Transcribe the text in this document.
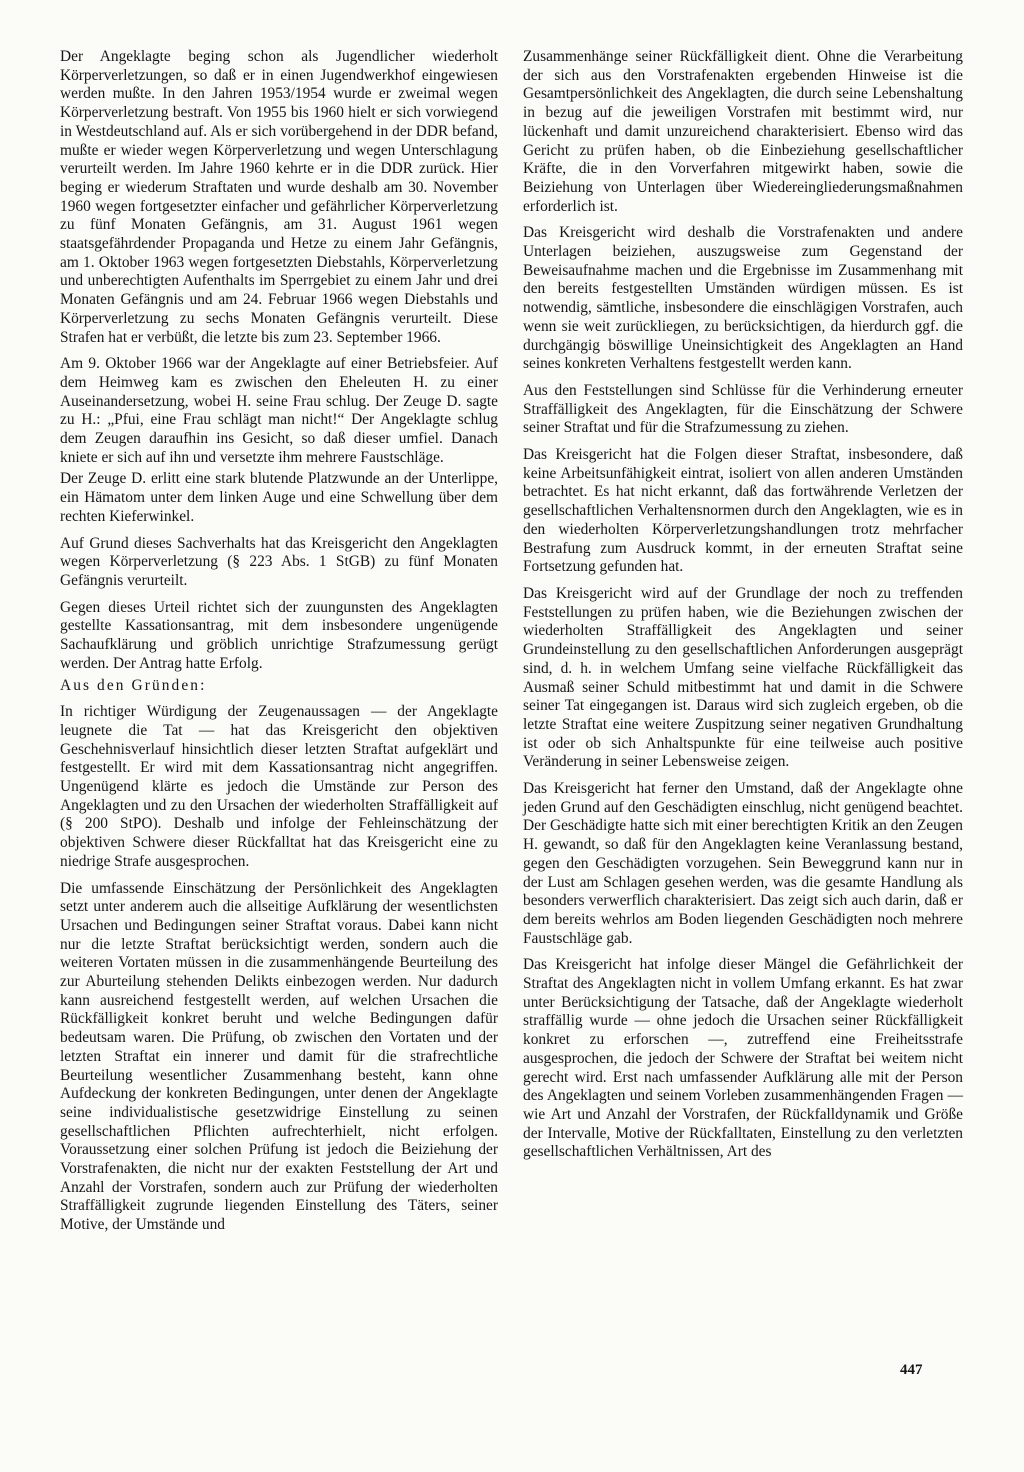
Der Angeklagte beging schon als Jugendlicher wiederholt Körperverletzungen, so daß er in einen Jugendwerkhof eingewiesen werden mußte. In den Jahren 1953/1954 wurde er zweimal wegen Körperverletzung bestraft. Von 1955 bis 1960 hielt er sich vorwiegend in Westdeutschland auf. Als er sich vorübergehend in der DDR befand, mußte er wieder wegen Körperverletzung und wegen Unterschlagung verurteilt werden. Im Jahre 1960 kehrte er in die DDR zurück. Hier beging er wiederum Straftaten und wurde deshalb am 30. November 1960 wegen fortgesetzter einfacher und gefährlicher Körperverletzung zu fünf Monaten Gefängnis, am 31. August 1961 wegen staatsgefährdender Propaganda und Hetze zu einem Jahr Gefängnis, am 1. Oktober 1963 wegen fortgesetzten Diebstahls, Körperverletzung und unberechtigten Aufenthalts im Sperrgebiet zu einem Jahr und drei Monaten Gefängnis und am 24. Februar 1966 wegen Diebstahls und Körperverletzung zu sechs Monaten Gefängnis verurteilt. Diese Strafen hat er verbüßt, die letzte bis zum 23. September 1966.

Am 9. Oktober 1966 war der Angeklagte auf einer Betriebsfeier. Auf dem Heimweg kam es zwischen den Eheleuten H. zu einer Auseinandersetzung, wobei H. seine Frau schlug. Der Zeuge D. sagte zu H.: „Pfui, eine Frau schlägt man nicht!“ Der Angeklagte schlug dem Zeugen daraufhin ins Gesicht, so daß dieser umfiel. Danach kniete er sich auf ihn und versetzte ihm mehrere Faustschläge.

Der Zeuge D. erlitt eine stark blutende Platzwunde an der Unterlippe, ein Hämatom unter dem linken Auge und eine Schwellung über dem rechten Kieferwinkel.

Auf Grund dieses Sachverhalts hat das Kreisgericht den Angeklagten wegen Körperverletzung (§ 223 Abs. 1 StGB) zu fünf Monaten Gefängnis verurteilt.

Gegen dieses Urteil richtet sich der zuungunsten des Angeklagten gestellte Kassationsantrag, mit dem insbesondere ungenügende Sachaufklärung und gröblich unrichtige Strafzumessung gerügt werden. Der Antrag hatte Erfolg.

Aus den Gründen:

In richtiger Würdigung der Zeugenaussagen — der Angeklagte leugnete die Tat — hat das Kreisgericht den objektiven Geschehnisverlauf hinsichtlich dieser letzten Straftat aufgeklärt und festgestellt. Er wird mit dem Kassationsantrag nicht angegriffen. Ungenügend klärte es jedoch die Umstände zur Person des Angeklagten und zu den Ursachen der wiederholten Straffälligkeit auf (§ 200 StPO). Deshalb und infolge der Fehleinschätzung der objektiven Schwere dieser Rückfalltat hat das Kreisgericht eine zu niedrige Strafe ausgesprochen.

Die umfassende Einschätzung der Persönlichkeit des Angeklagten setzt unter anderem auch die allseitige Aufklärung der wesentlichsten Ursachen und Bedingungen seiner Straftat voraus. Dabei kann nicht nur die letzte Straftat berücksichtigt werden, sondern auch die weiteren Vortaten müssen in die zusammenhängende Beurteilung des zur Aburteilung stehenden Delikts einbezogen werden. Nur dadurch kann ausreichend festgestellt werden, auf welchen Ursachen die Rückfälligkeit konkret beruht und welche Bedingungen dafür bedeutsam waren. Die Prüfung, ob zwischen den Vortaten und der letzten Straftat ein innerer und damit für die strafrechtliche Beurteilung wesentlicher Zusammenhang besteht, kann ohne Aufdeckung der konkreten Bedingungen, unter denen der Angeklagte seine individualistische gesetzwidrige Einstellung zu seinen gesellschaftlichen Pflichten aufrechterhielt, nicht erfolgen. Voraussetzung einer solchen Prüfung ist jedoch die Beiziehung der Vorstrafenakten, die nicht nur der exakten Feststellung der Art und Anzahl der Vorstrafen, sondern auch zur Prüfung der wiederholten Straffälligkeit zugrunde liegenden Einstellung des Täters, seiner Motive, der Umstände und

Zusammenhänge seiner Rückfälligkeit dient. Ohne die Verarbeitung der sich aus den Vorstrafenakten ergebenden Hinweise ist die Gesamtpersönlichkeit des Angeklagten, die durch seine Lebenshaltung in bezug auf die jeweiligen Vorstrafen mit bestimmt wird, nur lückenhaft und damit unzureichend charakterisiert. Ebenso wird das Gericht zu prüfen haben, ob die Einbeziehung gesellschaftlicher Kräfte, die in den Vorverfahren mitgewirkt haben, sowie die Beiziehung von Unterlagen über Wiedereingliederungsmaßnahmen erforderlich ist.

Das Kreisgericht wird deshalb die Vorstrafenakten und andere Unterlagen beiziehen, auszugsweise zum Gegenstand der Beweisaufnahme machen und die Ergebnisse im Zusammenhang mit den bereits festgestellten Umständen würdigen müssen. Es ist notwendig, sämtliche, insbesondere die einschlägigen Vorstrafen, auch wenn sie weit zurückliegen, zu berücksichtigen, da hierdurch ggf. die durchgängig böswillige Uneinsichtigkeit des Angeklagten an Hand seines konkreten Verhaltens festgestellt werden kann.

Aus den Feststellungen sind Schlüsse für die Verhinderung erneuter Straffälligkeit des Angeklagten, für die Einschätzung der Schwere seiner Straftat und für die Strafzumessung zu ziehen.

Das Kreisgericht hat die Folgen dieser Straftat, insbesondere, daß keine Arbeitsunfähigkeit eintrat, isoliert von allen anderen Umständen betrachtet. Es hat nicht erkannt, daß das fortwährende Verletzen der gesellschaftlichen Verhaltensnormen durch den Angeklagten, wie es in den wiederholten Körperverletzungshandlungen trotz mehrfacher Bestrafung zum Ausdruck kommt, in der erneuten Straftat seine Fortsetzung gefunden hat.

Das Kreisgericht wird auf der Grundlage der noch zu treffenden Feststellungen zu prüfen haben, wie die Beziehungen zwischen der wiederholten Straffälligkeit des Angeklagten und seiner Grundeinstellung zu den gesellschaftlichen Anforderungen ausgeprägt sind, d. h. in welchem Umfang seine vielfache Rückfälligkeit das Ausmaß seiner Schuld mitbestimmt hat und damit in die Schwere seiner Tat eingegangen ist. Daraus wird sich zugleich ergeben, ob die letzte Straftat eine weitere Zuspitzung seiner negativen Grundhaltung ist oder ob sich Anhaltspunkte für eine teilweise auch positive Veränderung in seiner Lebensweise zeigen.

Das Kreisgericht hat ferner den Umstand, daß der Angeklagte ohne jeden Grund auf den Geschädigten einschlug, nicht genügend beachtet. Der Geschädigte hatte sich mit einer berechtigten Kritik an den Zeugen H. gewandt, so daß für den Angeklagten keine Veranlassung bestand, gegen den Geschädigten vorzugehen. Sein Beweggrund kann nur in der Lust am Schlagen gesehen werden, was die gesamte Handlung als besonders verwerflich charakterisiert. Das zeigt sich auch darin, daß er dem bereits wehrlos am Boden liegenden Geschädigten noch mehrere Faustschläge gab.

Das Kreisgericht hat infolge dieser Mängel die Gefährlichkeit der Straftat des Angeklagten nicht in vollem Umfang erkannt. Es hat zwar unter Berücksichtigung der Tatsache, daß der Angeklagte wiederholt straffällig wurde — ohne jedoch die Ursachen seiner Rückfälligkeit konkret zu erforschen —, zutreffend eine Freiheitsstrafe ausgesprochen, die jedoch der Schwere der Straftat bei weitem nicht gerecht wird. Erst nach umfassender Aufklärung alle mit der Person des Angeklagten und seinem Vorleben zusammenhängenden Fragen — wie Art und Anzahl der Vorstrafen, der Rückfalldynamik und Größe der Intervalle, Motive der Rückfalltaten, Einstellung zu den verletzten gesellschaftlichen Verhältnissen, Art des

447
